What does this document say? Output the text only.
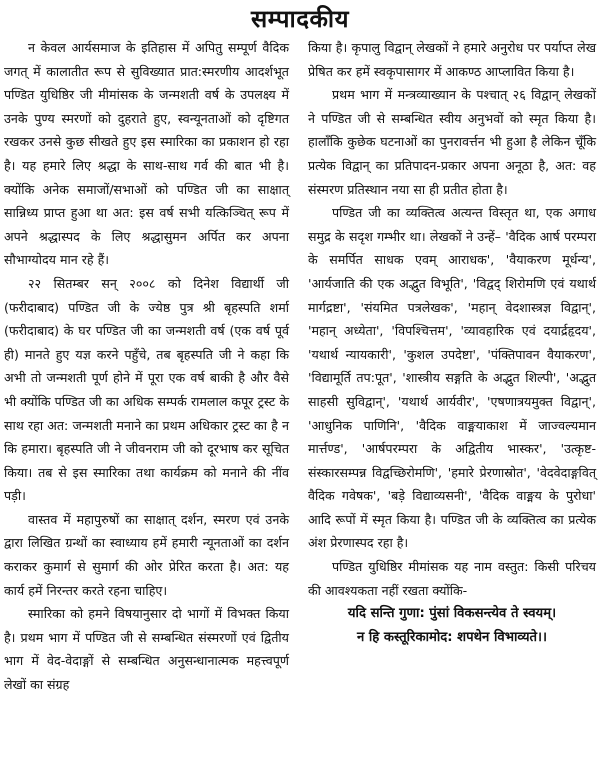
सम्पादकीय

न केवल आर्यसमाज के इतिहास में अपितु सम्पूर्ण वैदिक जगत् में कालातीत रूप से सुविख्यात प्रात:स्मरणीय आदर्शभूत पण्डित युधिष्ठिर जी मीमांसक के जन्मशती वर्ष के उपलक्ष्य में उनके पुण्य स्मरणों को दुहराते हुए, स्वन्यूनताओं को दृष्टिगत रखकर उनसे कुछ सीखते हुए इस स्मारिका का प्रकाशन हो रहा है। यह हमारे लिए श्रद्धा के साथ-साथ गर्व की बात भी है। क्योंकि अनेक समाजों/सभाओं को पण्डित जी का साक्षात् सान्निध्य प्राप्त हुआ था अत: इस वर्ष सभी यत्किञ्चित् रूप में अपने श्रद्धास्पद के लिए श्रद्धासुमन अर्पित कर अपना सौभाग्योदय मान रहे हैं।

२२ सितम्बर सन् २००८ को दिनेश विद्यार्थी जी (फरीदाबाद) पण्डित जी के ज्येष्ठ पुत्र श्री बृहस्पति शर्मा (फरीदाबाद) के घर पण्डित जी का जन्मशती वर्ष (एक वर्ष पूर्व ही) मानते हुए यज्ञ करने पहुँचे, तब बृहस्पति जी ने कहा कि अभी तो जन्मशती पूर्ण होने में पूरा एक वर्ष बाकी है और वैसे भी क्योंकि पण्डित जी का अधिक सम्पर्क रामलाल कपूर ट्रस्ट के साथ रहा अत: जन्मशती मनाने का प्रथम अधिकार ट्रस्ट का है न कि हमारा। बृहस्पति जी ने जीवनराम जी को दूरभाष कर सूचित किया। तब से इस स्मारिका तथा कार्यक्रम को मनाने की नींव पड़ी।

वास्तव में महापुरुषों का साक्षात् दर्शन, स्मरण एवं उनके द्वारा लिखित ग्रन्थों का स्वाध्याय हमें हमारी न्यूनताओं का दर्शन कराकर कुमार्ग से सुमार्ग की ओर प्रेरित करता है। अत: यह कार्य हमें निरन्तर करते रहना चाहिए।

स्मारिका को हमने विषयानुसार दो भागों में विभक्त किया है। प्रथम भाग में पण्डित जी से सम्बन्धित संस्मरणों एवं द्वितीय भाग में वेद-वेदाङ्गों से सम्बन्धित अनुसन्धानात्मक महत्त्वपूर्ण लेखों का संग्रह

किया है। कृपालु विद्वान् लेखकों ने हमारे अनुरोध पर पर्याप्त लेख प्रेषित कर हमें स्वकृपासागर में आकण्ठ आप्लावित किया है।

प्रथम भाग में मन्त्रव्याख्यान के पश्चात् २६ विद्वान् लेखकों ने पण्डित जी से सम्बन्धित स्वीय अनुभवों को स्मृत किया है। हालाँकि कुछेक घटनाओं का पुनरावर्त्तन भी हुआ है लेकिन चूँकि प्रत्येक विद्वान् का प्रतिपादन-प्रकार अपना अनूठा है, अत: वह संस्मरण प्रतिस्थान नया सा ही प्रतीत होता है।

पण्डित जी का व्यक्तित्व अत्यन्त विस्तृत था, एक अगाध समुद्र के सदृश गम्भीर था। लेखकों ने उन्हें– 'वैदिक आर्ष परम्परा के समर्पित साधक एवम् आराधक', 'वैयाकरण मूर्धन्य', 'आर्यजाति की एक अद्भुत विभूति', 'विद्वद् शिरोमणि एवं यथार्थ मार्गद्रष्टा', 'संयमित पत्रलेखक', 'महान् वेदशास्त्रज्ञ विद्वान्', 'महान् अध्येता', 'विपश्चित्तम', 'व्यावहारिक एवं दयार्द्रहृदय', 'यथार्थ न्यायकारी', 'कुशल उपदेष्टा', 'पंक्तिपावन वैयाकरण', 'विद्यामूर्ति तप:पूत', 'शास्त्रीय सङ्गति के अद्भुत शिल्पी', 'अद्भुत साहसी सुविद्वान्', 'यथार्थ आर्यवीर', 'एषणात्रयमुक्त विद्वान्', 'आधुनिक पाणिनि', 'वैदिक वाङ्मयाकाश में जाज्वल्यमान मार्त्तण्ड', 'आर्षपरम्परा के अद्वितीय भास्कर', 'उत्कृष्ट-संस्कारसम्पन्न विद्वच्छिरोमणि', 'हमारे प्रेरणास्रोत', 'वेदवेदाङ्गवित् वैदिक गवेषक', 'बड़े विद्याव्यसनी', 'वैदिक वाङ्मय के पुरोधा' आदि रूपों में स्मृत किया है। पण्डित जी के व्यक्तित्व का प्रत्येक अंश प्रेरणास्पद रहा है।

पण्डित युधिष्ठिर मीमांसक यह नाम वस्तुत: किसी परिचय की आवश्यकता नहीं रखता क्योंकि-

यदि सन्ति गुणा: पुंसां विकसन्त्येव ते स्वयम्।

न हि कस्तूरिकामोद: शपथेन विभाव्यते।।
